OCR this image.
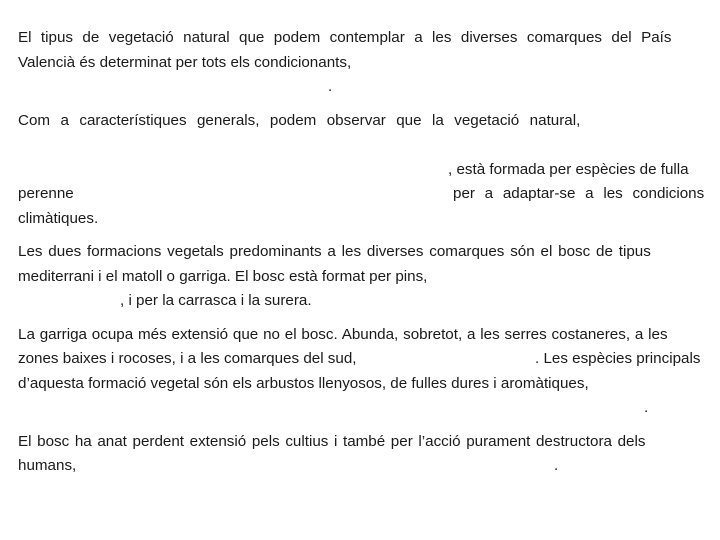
El tipus de vegetació natural que podem contemplar a les diverses comarques del País
Valencià és determinat per tots els condicionants,
.
Com a característiques generals, podem observar que la vegetació natural,
, està formada per espècies de fulla
perenne	per a adaptar-se a les condicions
climàtiques.
Les dues formacions vegetals predominants a les diverses comarques són el bosc de tipus
mediterrani i el matoll o garriga. El bosc està format per pins,
, i per la carrasca i la surera.
La garriga ocupa més extensió que no el bosc. Abunda, sobretot, a les serres costaneres, a les
zones baixes i rocoses, i a les comarques del sud,	. Les espècies principals
d’aquesta formació vegetal són els arbustos llenyosos, de fulles dures i aromàtiques,
.
El bosc ha anat perdent extensió pels cultius i també per l’acció purament destructora dels
humans,	.
